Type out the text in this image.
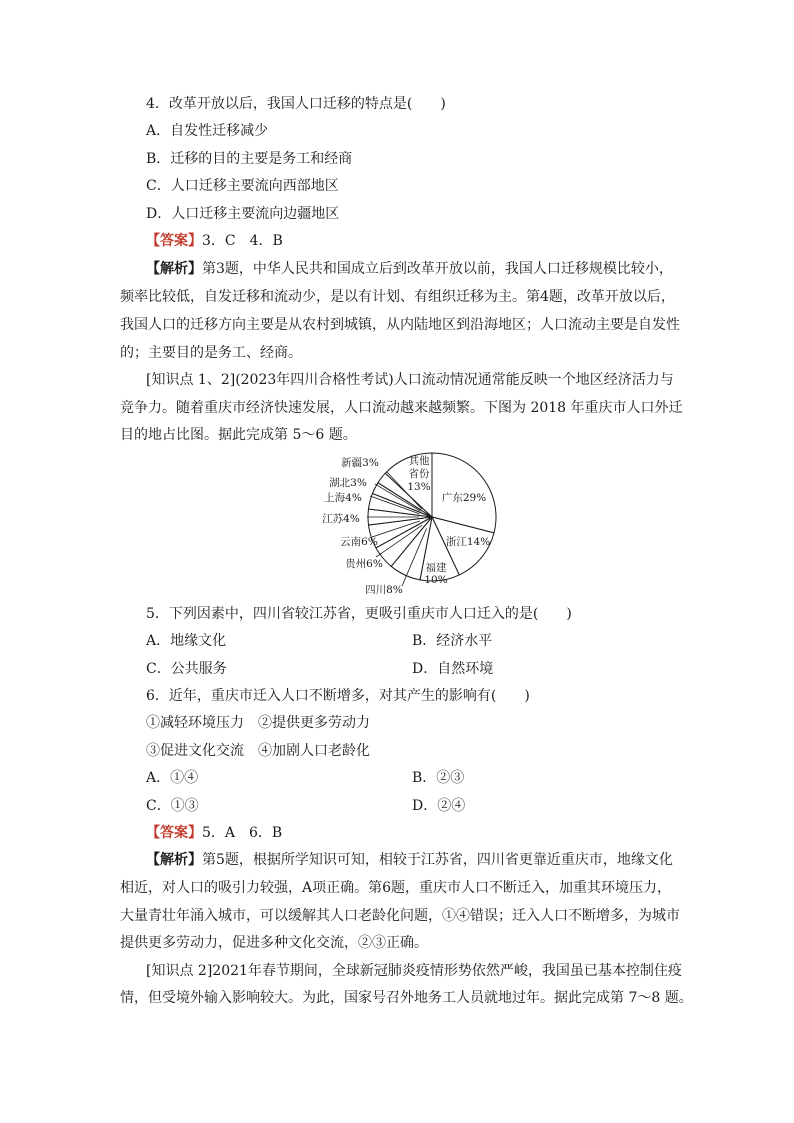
4．改革开放以后，我国人口迁移的特点是(　　)
A．自发性迁移减少
B．迁移的目的主要是务工和经商
C．人口迁移主要流向西部地区
D．人口迁移主要流向边疆地区
【答案】3．C　4．B
【解析】第3题，中华人民共和国成立后到改革开放以前，我国人口迁移规模比较小，
频率比较低，自发迁移和流动少，是以有计划、有组织迁移为主。第4题，改革开放以后，
我国人口的迁移方向主要是从农村到城镇，从内陆地区到沿海地区；人口流动主要是自发性
的；主要目的是务工、经商。
[知识点 1、2](2023年四川合格性考试)人口流动情况通常能反映一个地区经济活力与
竞争力。随着重庆市经济快速发展，人口流动越来越频繁。下图为 2018 年重庆市人口外迁
目的地占比图。据此完成第 5～6 题。
广东29%
浙江14%
福建 10%
四川8%
贵州6%
云南6%
江苏4%
上海4%
湖北3%
新疆3%	其他省份 13%
5．下列因素中，四川省较江苏省，更吸引重庆市人口迁入的是(　　)
A．地缘文化	B．经济水平
C．公共服务	D．自然环境
6．近年，重庆市迁入人口不断增多，对其产生的影响有(　　)
①减轻环境压力　②提供更多劳动力
③促进文化交流　④加剧人口老龄化
A．①④	B．②③
C．①③	D．②④
【答案】5．A　6．B
【解析】第5题，根据所学知识可知，相较于江苏省，四川省更靠近重庆市，地缘文化
相近，对人口的吸引力较强，A项正确。第6题，重庆市人口不断迁入，加重其环境压力，
大量青壮年涌入城市，可以缓解其人口老龄化问题，①④错误；迁入人口不断增多，为城市
提供更多劳动力，促进多种文化交流，②③正确。
[知识点 2]2021年春节期间，全球新冠肺炎疫情形势依然严峻，我国虽已基本控制住疫
情，但受境外输入影响较大。为此，国家号召外地务工人员就地过年。据此完成第 7～8 题。
